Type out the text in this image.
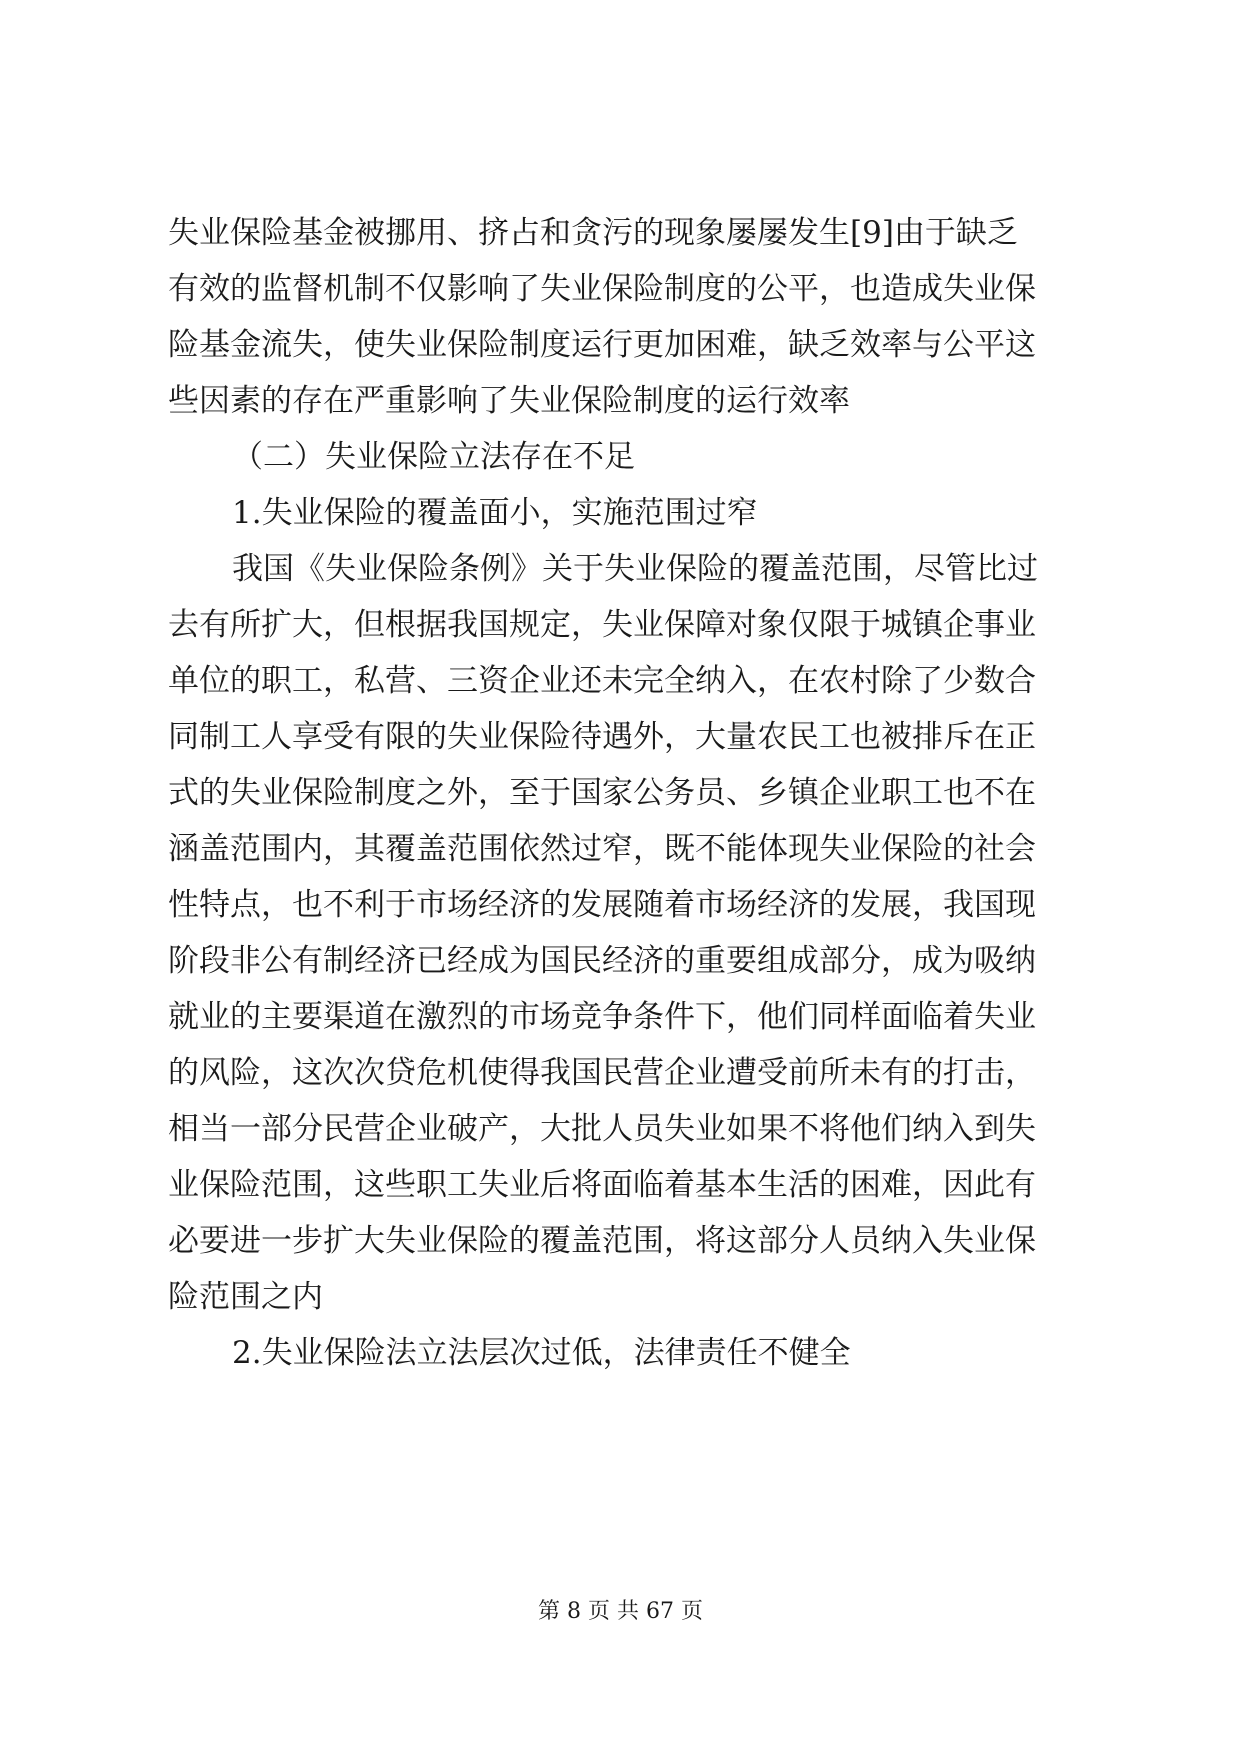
失业保险基金被挪用、挤占和贪污的现象屡屡发生[9]由于缺乏
有效的监督机制不仅影响了失业保险制度的公平，也造成失业保
险基金流失，使失业保险制度运行更加困难，缺乏效率与公平这
些因素的存在严重影响了失业保险制度的运行效率
（二）失业保险立法存在不足
1.失业保险的覆盖面小，实施范围过窄
我国《失业保险条例》关于失业保险的覆盖范围，尽管比过
去有所扩大，但根据我国规定，失业保障对象仅限于城镇企事业
单位的职工，私营、三资企业还未完全纳入，在农村除了少数合
同制工人享受有限的失业保险待遇外，大量农民工也被排斥在正
式的失业保险制度之外，至于国家公务员、乡镇企业职工也不在
涵盖范围内，其覆盖范围依然过窄，既不能体现失业保险的社会
性特点，也不利于市场经济的发展随着市场经济的发展，我国现
阶段非公有制经济已经成为国民经济的重要组成部分，成为吸纳
就业的主要渠道在激烈的市场竞争条件下，他们同样面临着失业
的风险，这次次贷危机使得我国民营企业遭受前所未有的打击，
相当一部分民营企业破产，大批人员失业如果不将他们纳入到失
业保险范围，这些职工失业后将面临着基本生活的困难，因此有
必要进一步扩大失业保险的覆盖范围，将这部分人员纳入失业保
险范围之内
2.失业保险法立法层次过低，法律责任不健全
第 8 页 共 67 页
